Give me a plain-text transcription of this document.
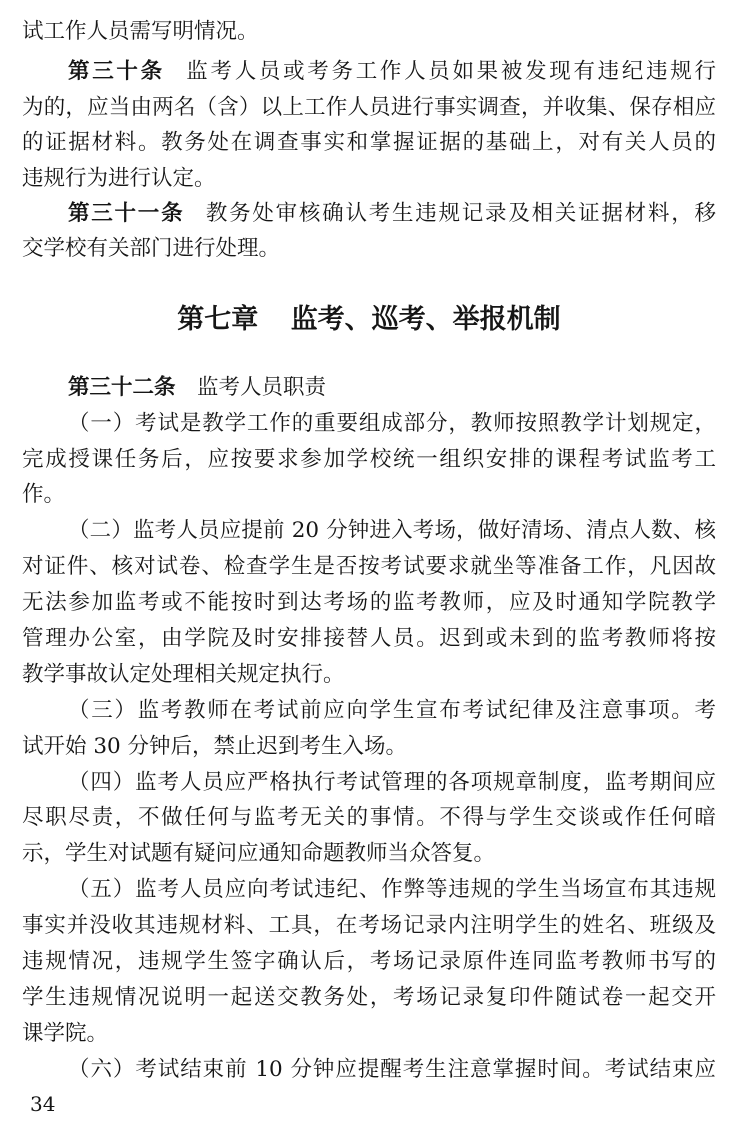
试工作人员需写明情况。
第三十条 监考人员或考务工作人员如果被发现有违纪违规行
为的，应当由两名（含）以上工作人员进行事实调查，并收集、保存相应
的证据材料。教务处在调查事实和掌握证据的基础上，对有关人员的
违规行为进行认定。
第三十一条 教务处审核确认考生违规记录及相关证据材料，移
交学校有关部门进行处理。
第七章 监考、巡考、举报机制
第三十二条 监考人员职责
（一）考试是教学工作的重要组成部分，教师按照教学计划规定，
完成授课任务后，应按要求参加学校统一组织安排的课程考试监考工
作。
（二）监考人员应提前 20 分钟进入考场，做好清场、清点人数、核
对证件、核对试卷、检查学生是否按考试要求就坐等准备工作，凡因故
无法参加监考或不能按时到达考场的监考教师，应及时通知学院教学
管理办公室，由学院及时安排接替人员。迟到或未到的监考教师将按
教学事故认定处理相关规定执行。
（三）监考教师在考试前应向学生宣布考试纪律及注意事项。考
试开始 30 分钟后，禁止迟到考生入场。
（四）监考人员应严格执行考试管理的各项规章制度，监考期间应
尽职尽责，不做任何与监考无关的事情。不得与学生交谈或作任何暗
示，学生对试题有疑问应通知命题教师当众答复。
（五）监考人员应向考试违纪、作弊等违规的学生当场宣布其违规
事实并没收其违规材料、工具，在考场记录内注明学生的姓名、班级及
违规情况，违规学生签字确认后，考场记录原件连同监考教师书写的
学生违规情况说明一起送交教务处，考场记录复印件随试卷一起交开
课学院。
（六）考试结束前 10 分钟应提醒考生注意掌握时间。考试结束应
34
